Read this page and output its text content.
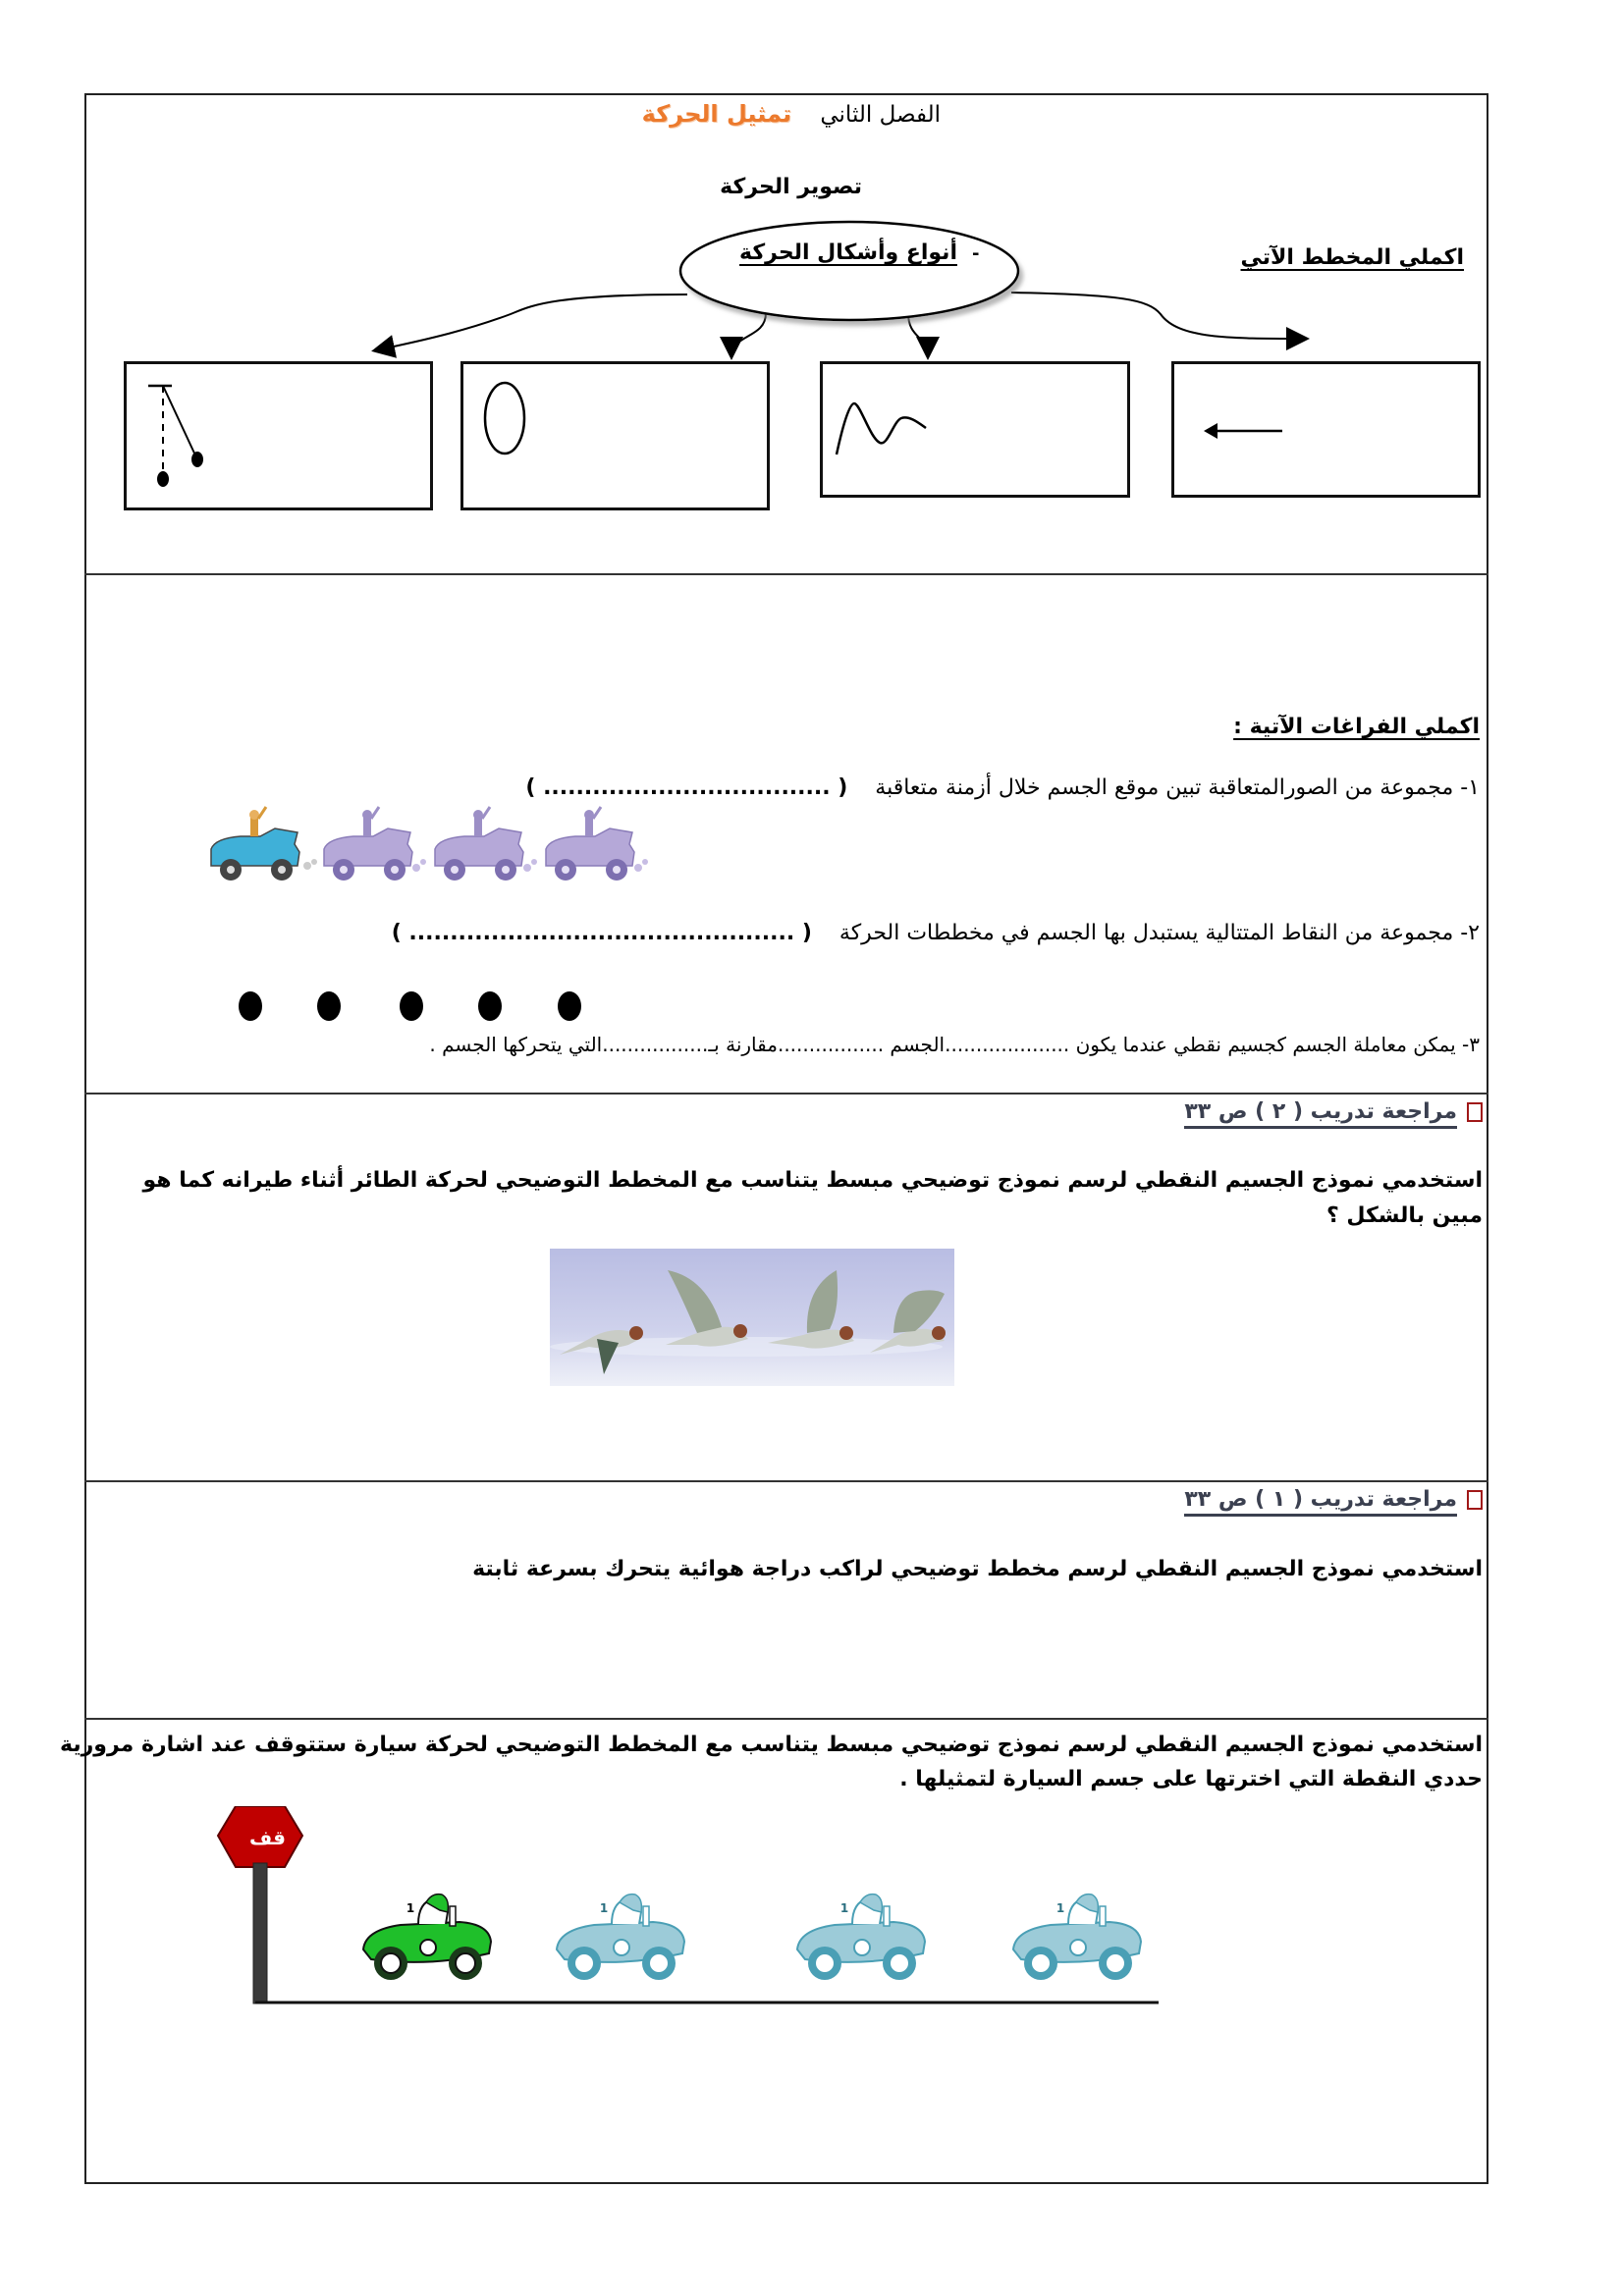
الفصل الثاني    تمثيل الحركة
تصوير الحركة
اكملي المخطط الآتي
أنواع وأشكال الحركة -
اكملي الفراغات الآتية :
١- مجموعة من الصورالمتعاقبة تبين موقع الجسم خلال أزمنة متعاقبة    ( ................................... )
٢- مجموعة من النقاط المتتالية يستبدل بها الجسم في مخططات الحركة    ( ............................................... )
٣- يمكن معاملة الجسم كجسيم نقطي عندما يكون ....................الجسم .................مقارنة بـ.................التي يتحركها الجسم .
مراجعة تدريب ( ٢ ) ص ٣٣
استخدمي نموذج الجسيم النقطي لرسم نموذج توضيحي مبسط يتناسب مع المخطط التوضيحي لحركة الطائر أثناء طيرانه كما هو
مبين بالشكل ؟
مراجعة تدريب ( ١ ) ص ٣٣
استخدمي نموذج الجسيم النقطي لرسم مخطط توضيحي لراكب دراجة هوائية يتحرك بسرعة ثابتة
استخدمي نموذج الجسيم النقطي لرسم نموذج توضيحي مبسط يتناسب مع المخطط التوضيحي لحركة سيارة ستتوقف عند اشارة مرورية
حددي النقطة التي اخترتها على جسم السيارة لتمثيلها .
قف
1	1	1	1
